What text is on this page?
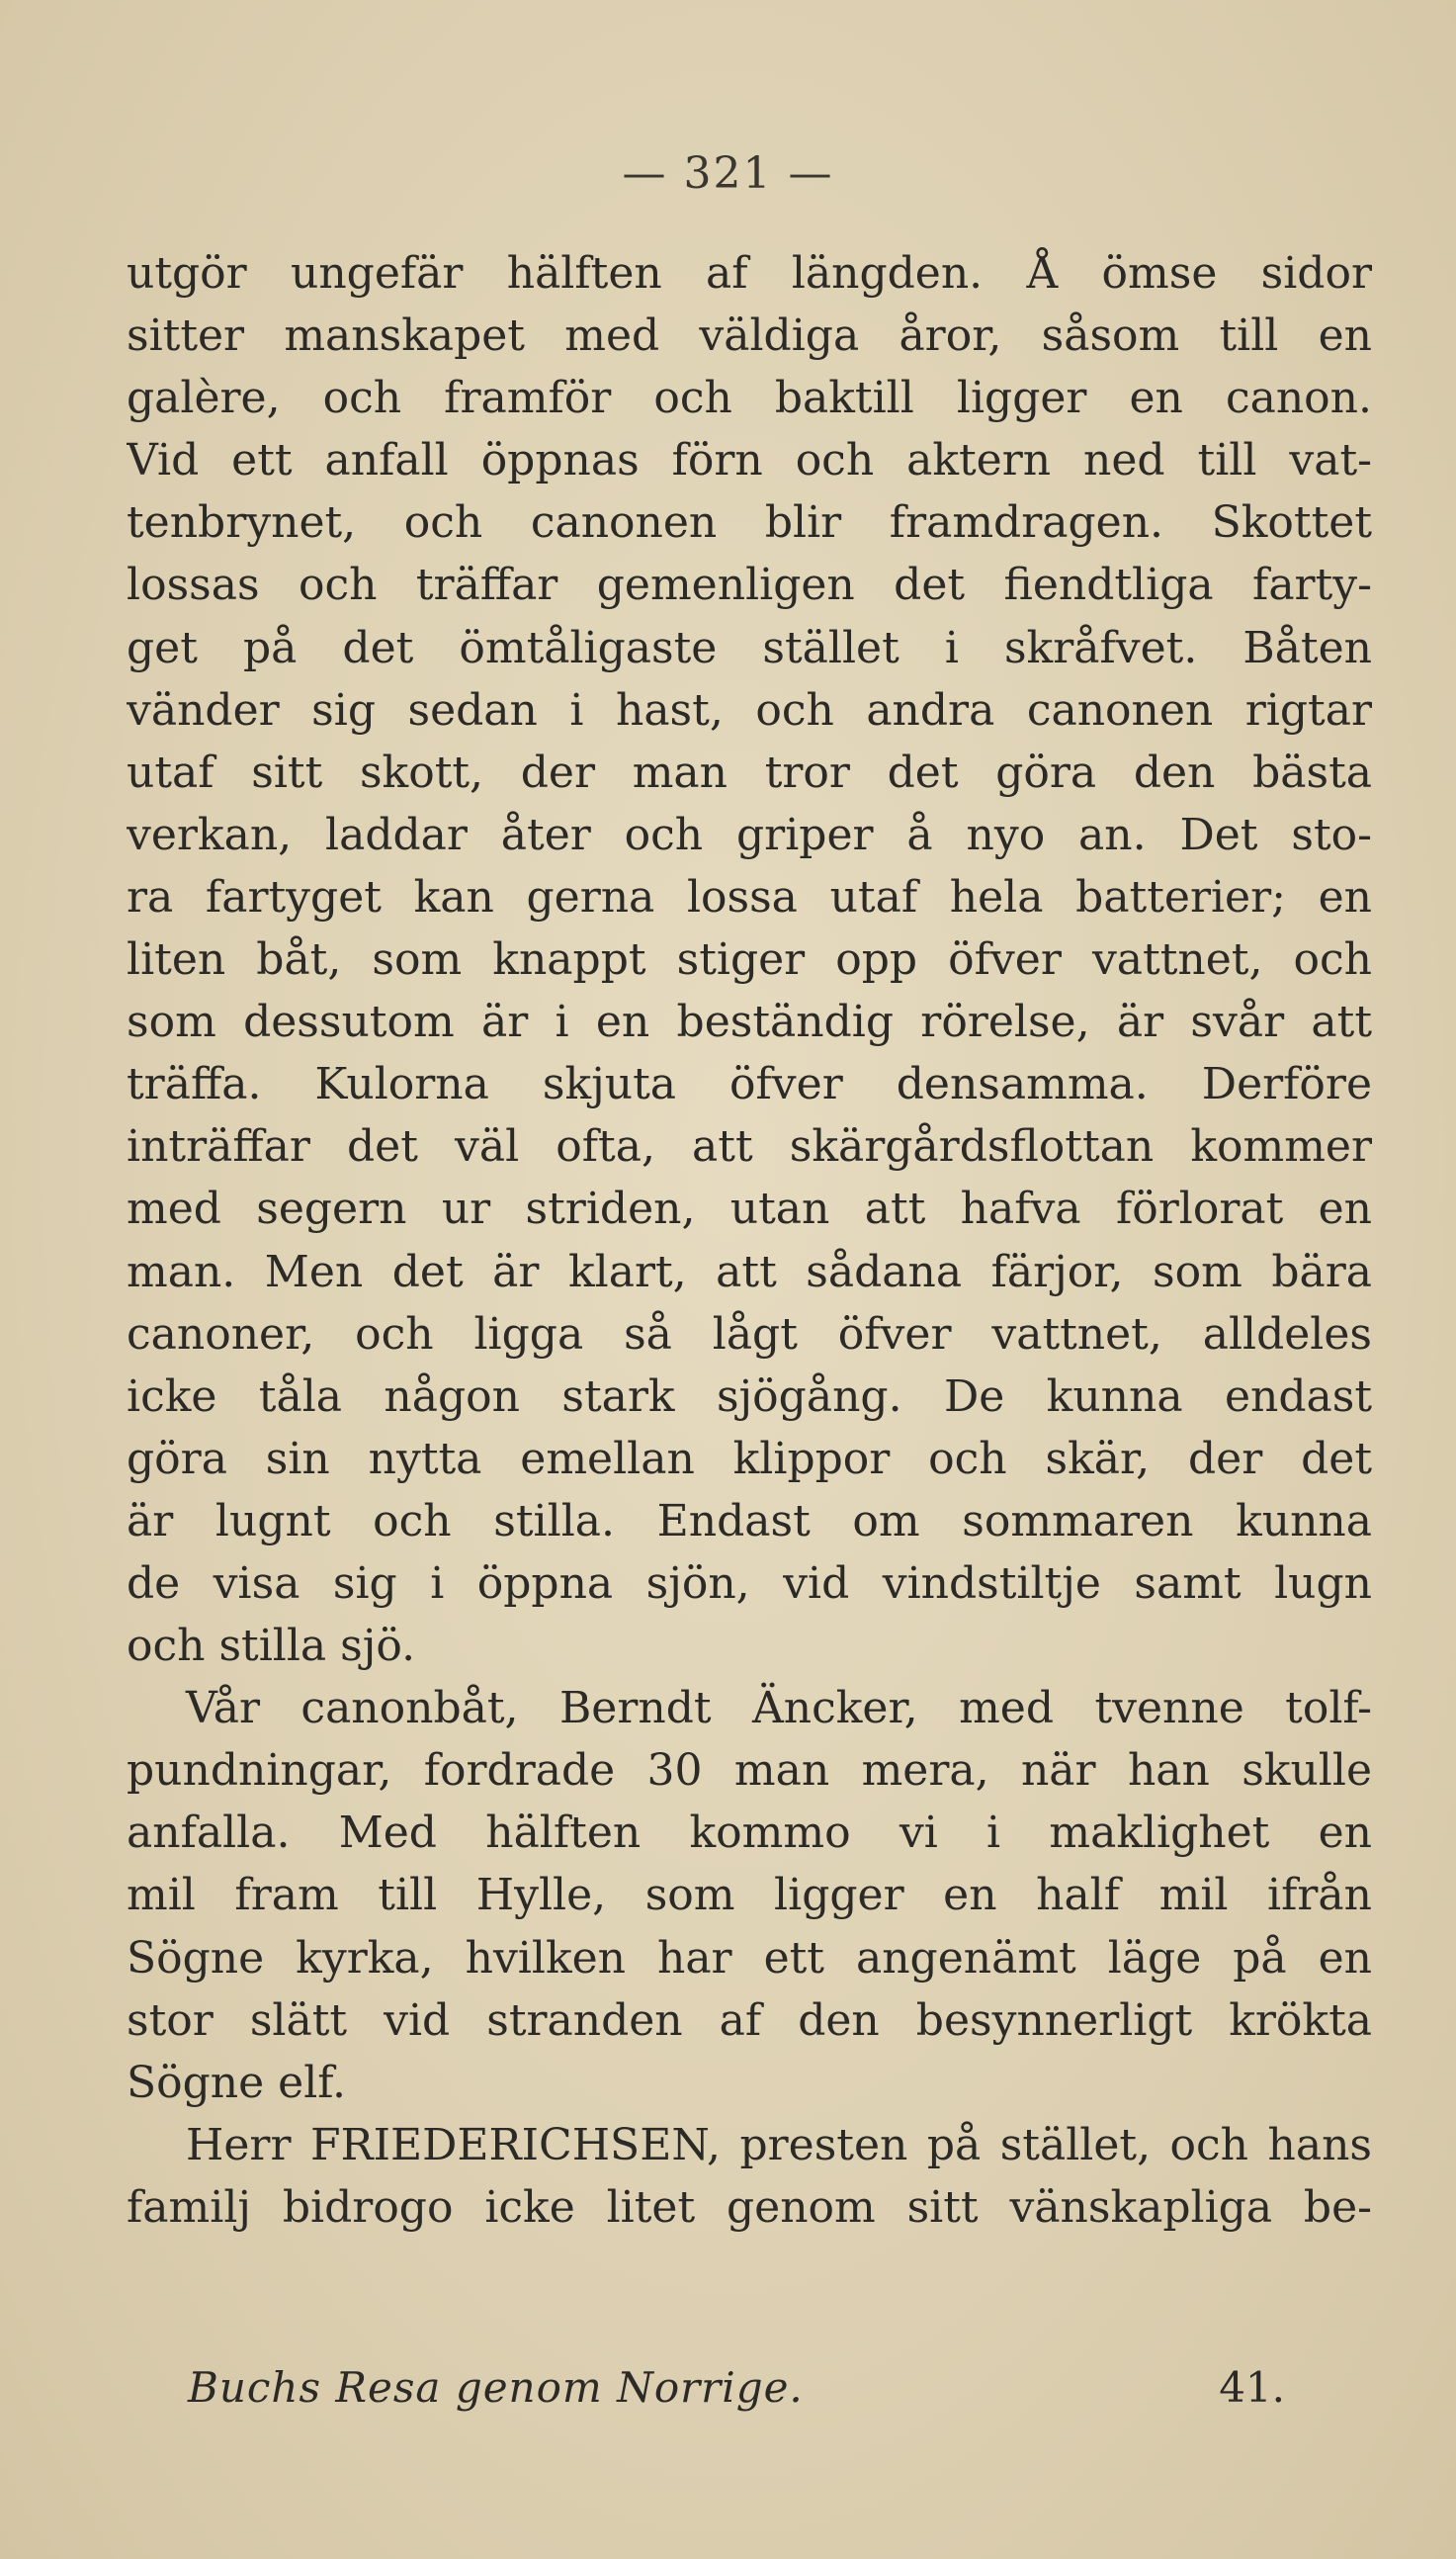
— 321 —
utgör ungefär hälften af längden. Å ömse sidor
sitter manskapet med väldiga åror, såsom till en
galère, och framför och baktill ligger en canon.
Vid ett anfall öppnas förn och aktern ned till vat-
tenbrynet, och canonen blir framdragen. Skottet
lossas och träffar gemenligen det fiendtliga farty-
get på det ömtåligaste stället i skråfvet. Båten
vänder sig sedan i hast, och andra canonen rigtar
utaf sitt skott, der man tror det göra den bästa
verkan, laddar åter och griper å nyo an. Det sto-
ra fartyget kan gerna lossa utaf hela batterier; en
liten båt, som knappt stiger opp öfver vattnet, och
som dessutom är i en beständig rörelse, är svår att
träffa. Kulorna skjuta öfver densamma. Derföre
inträffar det väl ofta, att skärgårdsflottan kommer
med segern ur striden, utan att hafva förlorat en
man. Men det är klart, att sådana färjor, som bära
canoner, och ligga så lågt öfver vattnet, alldeles
icke tåla någon stark sjögång. De kunna endast
göra sin nytta emellan klippor och skär, der det
är lugnt och stilla. Endast om sommaren kunna
de visa sig i öppna sjön, vid vindstiltje samt lugn
och stilla sjö.
Vår canonbåt, Berndt Äncker, med tvenne tolf-
pundningar, fordrade 30 man mera, när han skulle
anfalla. Med hälften kommo vi i maklighet en
mil fram till Hylle, som ligger en half mil ifrån
Sögne kyrka, hvilken har ett angenämt läge på en
stor slätt vid stranden af den besynnerligt krökta
Sögne elf.
Herr FRIEDERICHSEN, presten på stället, och hans
familj bidrogo icke litet genom sitt vänskapliga be-
Buchs Resa genom Norrige.	41.
